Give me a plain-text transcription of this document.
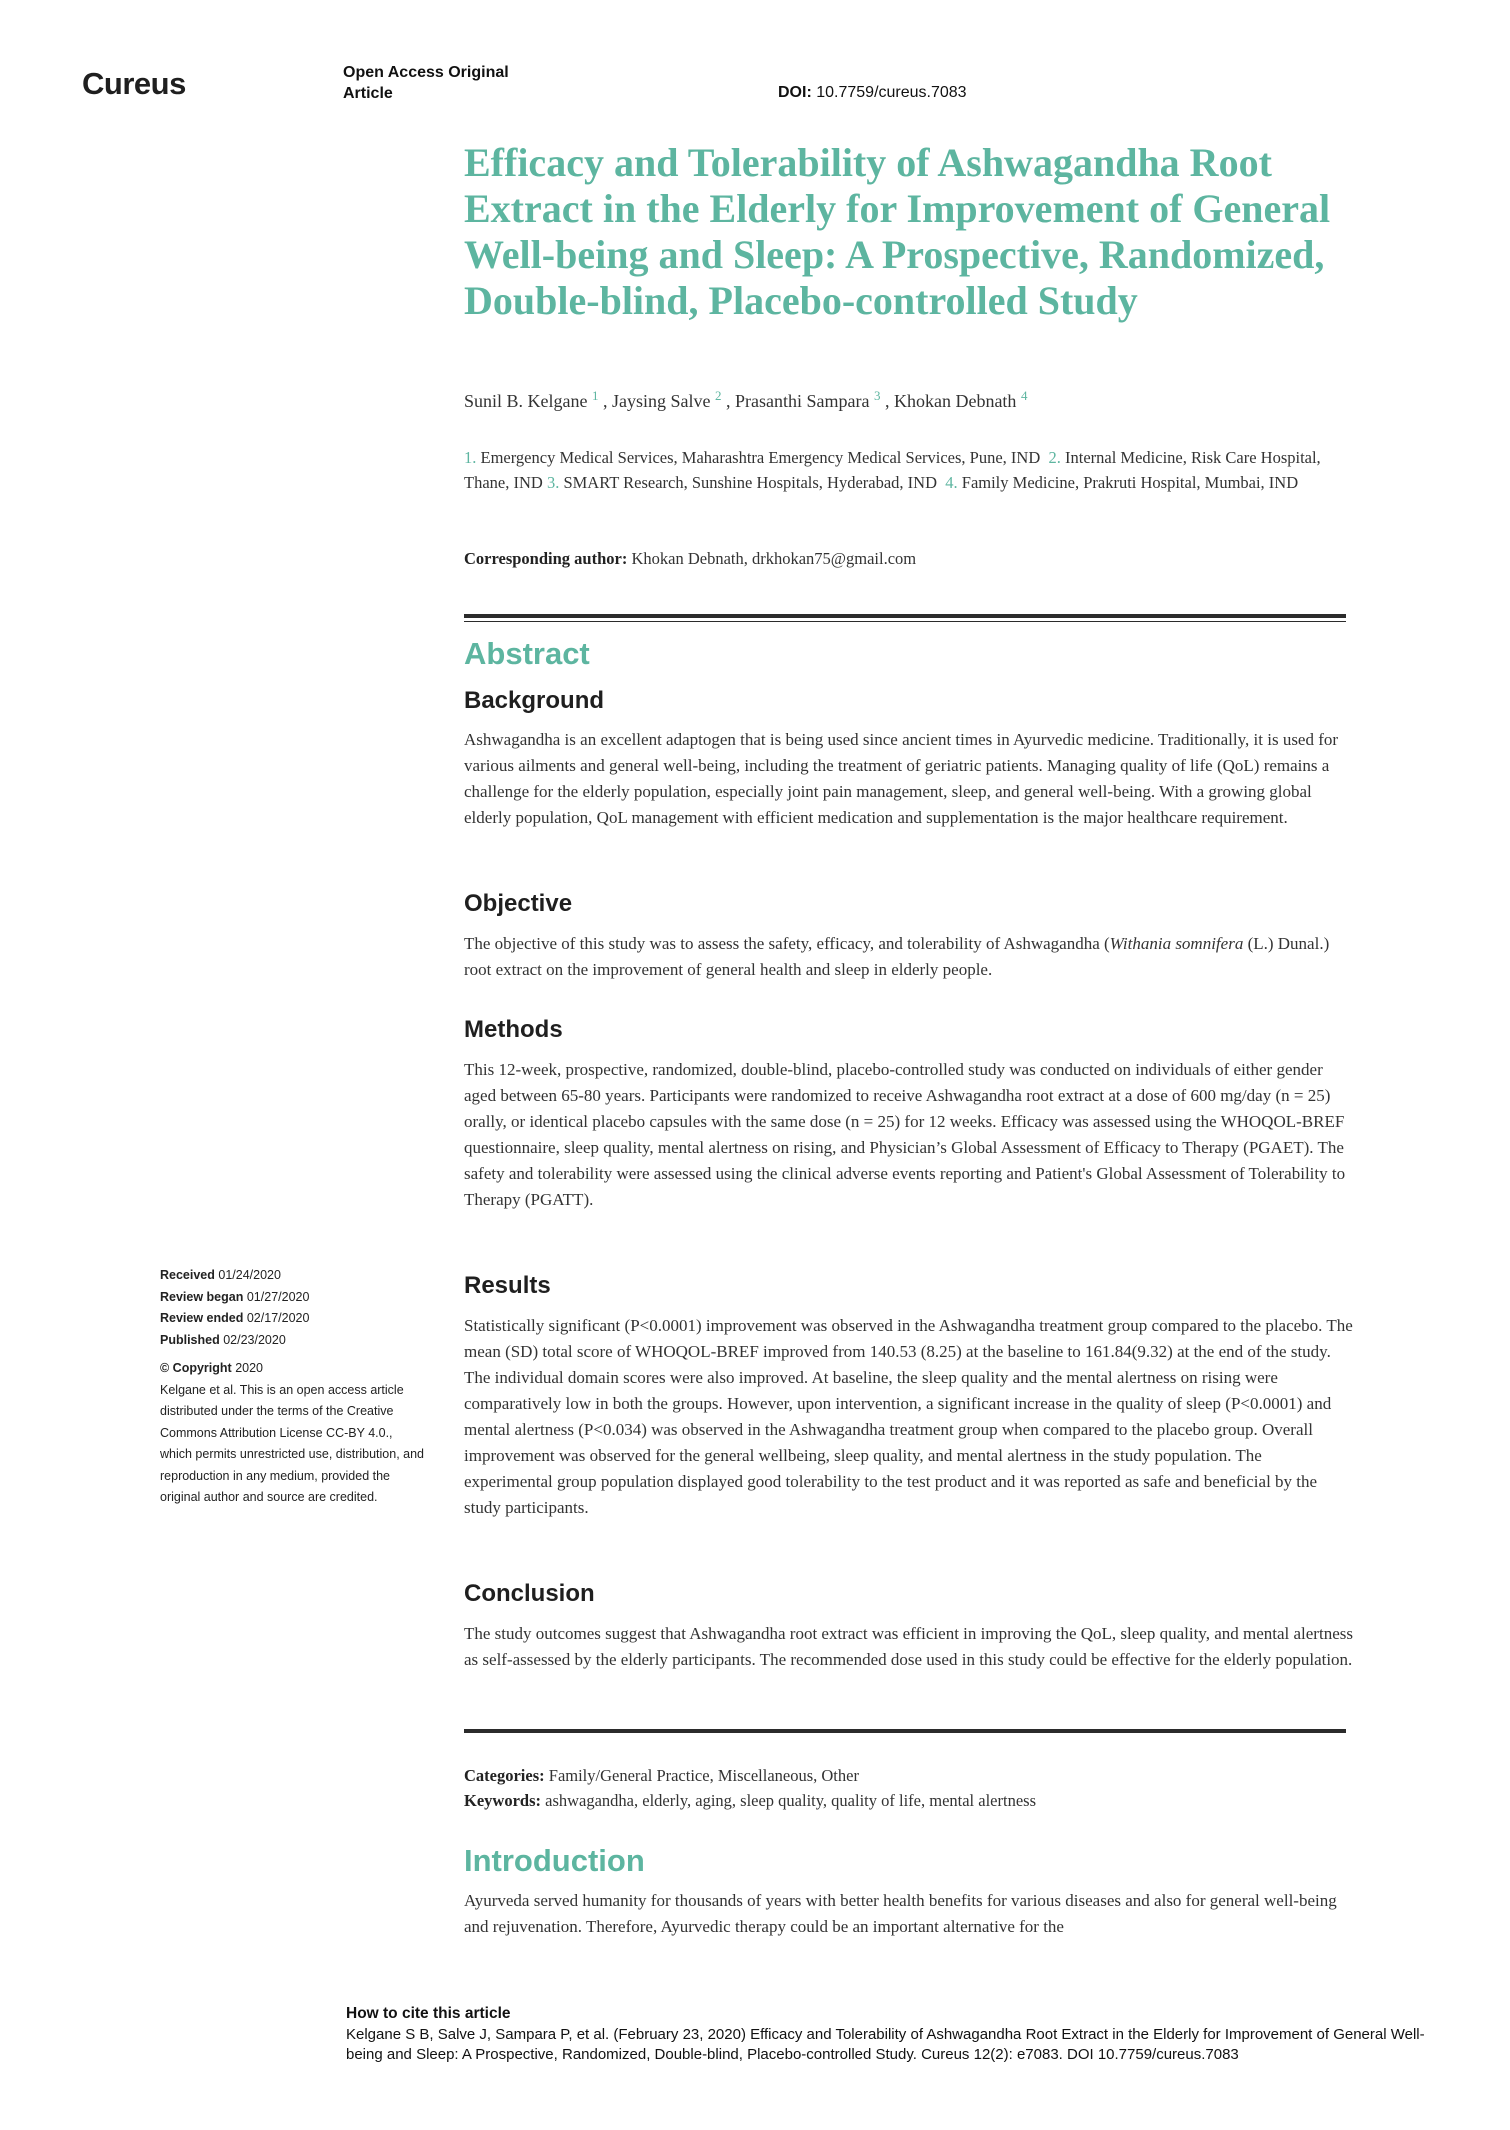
Cureus	Open Access Original
Article	DOI: 10.7759/cureus.7083
Efficacy and Tolerability of Ashwagandha Root Extract in the Elderly for Improvement of General Well-being and Sleep: A Prospective, Randomized, Double-blind, Placebo-controlled Study
Sunil B. Kelgane $^1$ , Jaysing Salve $^2$ , Prasanthi Sampara $^3$ , Khokan Debnath $^4$
1. Emergency Medical Services, Maharashtra Emergency Medical Services, Pune, IND 2. Internal Medicine, Risk Care Hospital, Thane, IND 3. SMART Research, Sunshine Hospitals, Hyderabad, IND 4. Family Medicine, Prakruti Hospital, Mumbai, IND
Corresponding author: Khokan Debnath, drkhokan75@gmail.com
Abstract
Background

Ashwagandha is an excellent adaptogen that is being used since ancient times in Ayurvedic medicine. Traditionally, it is used for various ailments and general well-being, including the treatment of geriatric patients. Managing quality of life (QoL) remains a challenge for the elderly population, especially joint pain management, sleep, and general well-being. With a growing global elderly population, QoL management with efficient medication and supplementation is the major healthcare requirement.

Objective

The objective of this study was to assess the safety, efficacy, and tolerability of Ashwagandha (Withania somnifera (L.) Dunal.) root extract on the improvement of general health and sleep in elderly people.

Methods

This 12-week, prospective, randomized, double-blind, placebo-controlled study was conducted on individuals of either gender aged between 65-80 years. Participants were randomized to receive Ashwagandha root extract at a dose of 600 mg/day (n = 25) orally, or identical placebo capsules with the same dose (n = 25) for 12 weeks. Efficacy was assessed using the WHOQOL-BREF questionnaire, sleep quality, mental alertness on rising, and Physician’s Global Assessment of Efficacy to Therapy (PGAET). The safety and tolerability were assessed using the clinical adverse events reporting and Patient's Global Assessment of Tolerability to Therapy (PGATT).

Results

Statistically significant (P<0.0001) improvement was observed in the Ashwagandha treatment group compared to the placebo. The mean (SD) total score of WHOQOL-BREF improved from 140.53 (8.25) at the baseline to 161.84(9.32) at the end of the study. The individual domain scores were also improved. At baseline, the sleep quality and the mental alertness on rising were comparatively low in both the groups. However, upon intervention, a significant increase in the quality of sleep (P<0.0001) and mental alertness (P<0.034) was observed in the Ashwagandha treatment group when compared to the placebo group. Overall improvement was observed for the general wellbeing, sleep quality, and mental alertness in the study population. The experimental group population displayed good tolerability to the test product and it was reported as safe and beneficial by the study participants.

Conclusion

The study outcomes suggest that Ashwagandha root extract was efficient in improving the QoL, sleep quality, and mental alertness as self-assessed by the elderly participants. The recommended dose used in this study could be effective for the elderly population.

Categories: Family/General Practice, Miscellaneous, Other
Keywords: ashwagandha, elderly, aging, sleep quality, quality of life, mental alertness
Introduction

Ayurveda served humanity for thousands of years with better health benefits for various diseases and also for general well-being and rejuvenation. Therefore, Ayurvedic therapy could be an important alternative for the

Received 01/24/2020
Review began 01/27/2020
Review ended 02/17/2020
Published 02/23/2020
© Copyright 2020
Kelgane et al. This is an open access article distributed under the terms of the Creative Commons Attribution License CC-BY 4.0., which permits unrestricted use, distribution, and reproduction in any medium, provided the original author and source are credited.
How to cite this article
Kelgane S B, Salve J, Sampara P, et al. (February 23, 2020) Efficacy and Tolerability of Ashwagandha Root Extract in the Elderly for Improvement of General Well-being and Sleep: A Prospective, Randomized, Double-blind, Placebo-controlled Study. Cureus 12(2): e7083. DOI 10.7759/cureus.7083
